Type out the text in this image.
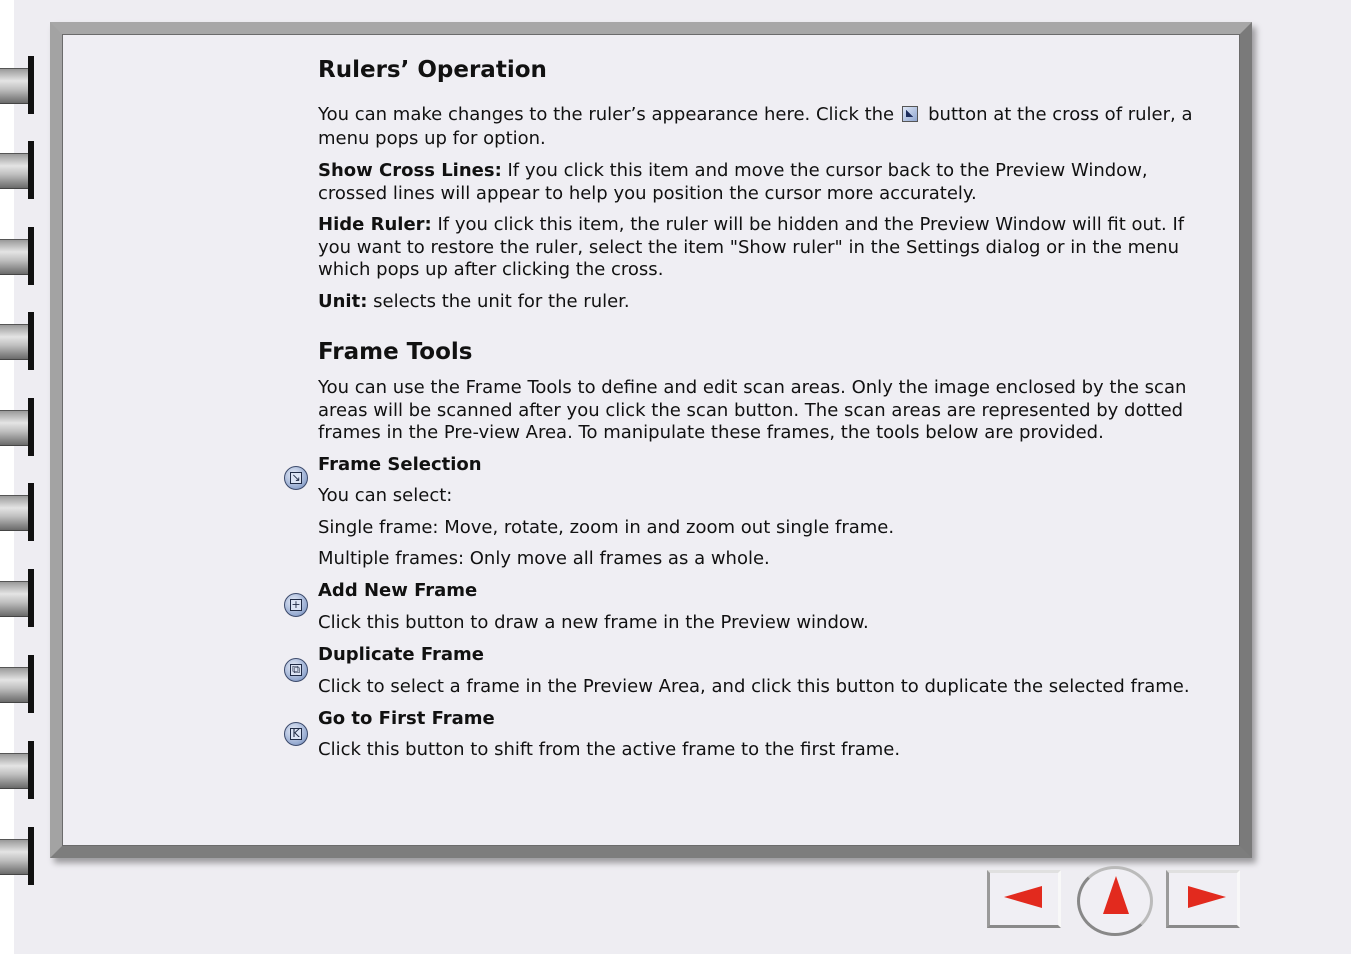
Rulers’ Operation

You can make changes to the ruler’s appearance here. Click the button at the cross of ruler, a menu pops up for option.

Show Cross Lines: If you click this item and move the cursor back to the Preview Window, crossed lines will appear to help you position the cursor more accurately.

Hide Ruler: If you click this item, the ruler will be hidden and the Preview Window will fit out. If you want to restore the ruler, select the item "Show ruler" in the Settings dialog or in the menu which pops up after clicking the cross.

Unit: selects the unit for the ruler.

Frame Tools

You can use the Frame Tools to define and edit scan areas. Only the image enclosed by the scan areas will be scanned after you click the scan button. The scan areas are represented by dotted frames in the Pre-view Area. To manipulate these frames, the tools below are provided.

Frame Selection

You can select:

Single frame: Move, rotate, zoom in and zoom out single frame.

Multiple frames: Only move all frames as a whole.

Add New Frame

Click this button to draw a new frame in the Preview window.

Duplicate Frame

Click to select a frame in the Preview Area, and click this button to duplicate the selected frame.

Go to First Frame

Click this button to shift from the active frame to the first frame.

↘
+
⧉
K
